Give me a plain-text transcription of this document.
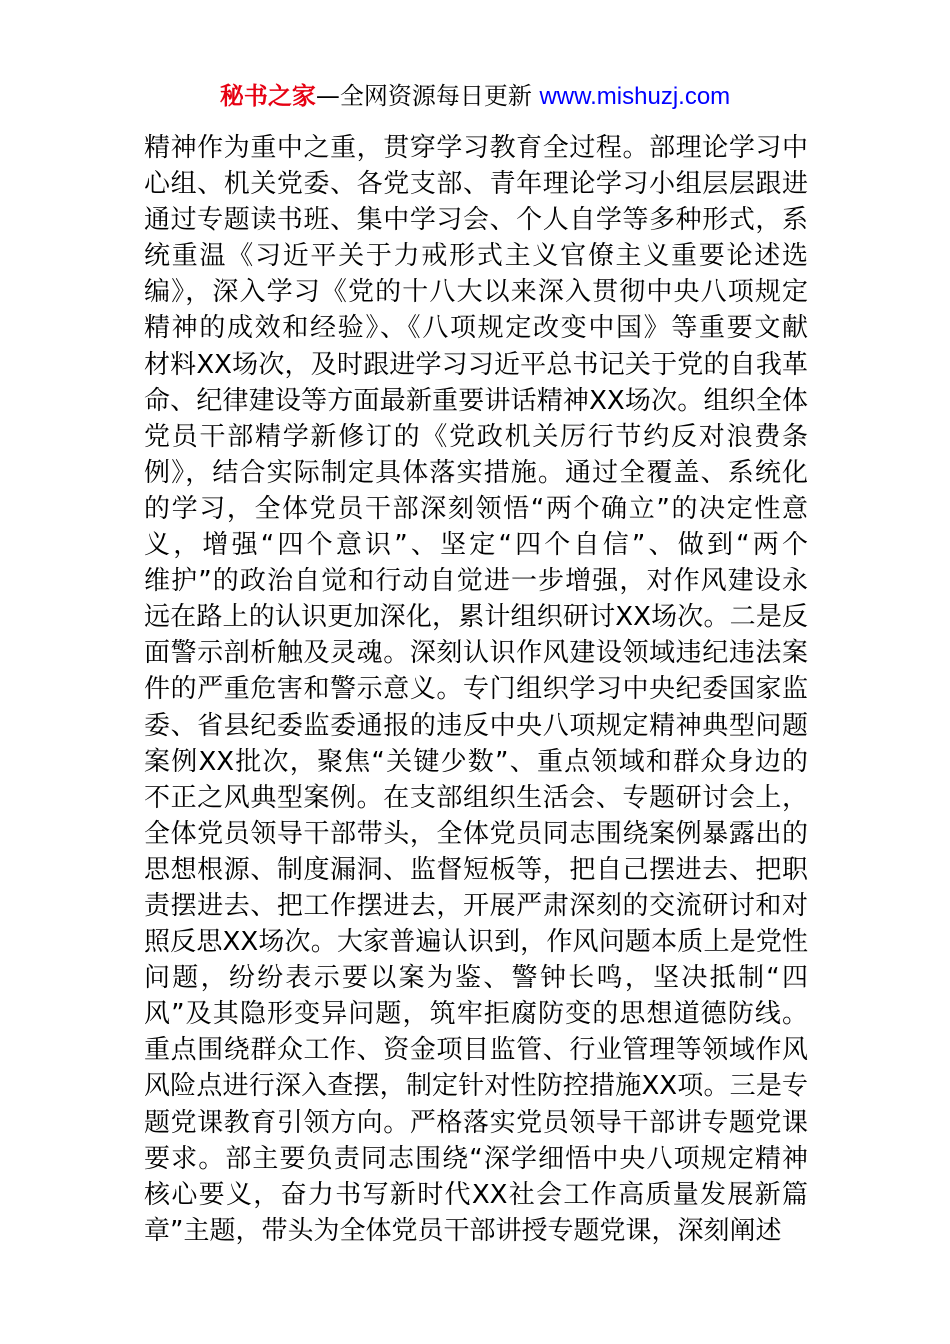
秘书之家—全网资源每日更新 www.mishuzj.com
精神作为重中之重，贯穿学习教育全过程。部理论学习中
心组、机关党委、各党支部、青年理论学习小组层层跟进
通过专题读书班、集中学习会、个人自学等多种形式，系
统重温《习近平关于力戒形式主义官僚主义重要论述选
编》，深入学习《党的十八大以来深入贯彻中央八项规定
精神的成效和经验》、《八项规定改变中国》等重要文献
材料XX场次，及时跟进学习习近平总书记关于党的自我革
命、纪律建设等方面最新重要讲话精神XX场次。组织全体
党员干部精学新修订的《党政机关厉行节约反对浪费条
例》，结合实际制定具体落实措施。通过全覆盖、系统化
的学习，全体党员干部深刻领悟“两个确立”的决定性意
义，增强“四个意识”、坚定“四个自信”、做到“两个
维护”的政治自觉和行动自觉进一步增强，对作风建设永
远在路上的认识更加深化，累计组织研讨XX场次。二是反
面警示剖析触及灵魂。深刻认识作风建设领域违纪违法案
件的严重危害和警示意义。专门组织学习中央纪委国家监
委、省县纪委监委通报的违反中央八项规定精神典型问题
案例XX批次，聚焦“关键少数”、重点领域和群众身边的
不正之风典型案例。在支部组织生活会、专题研讨会上，
全体党员领导干部带头，全体党员同志围绕案例暴露出的
思想根源、制度漏洞、监督短板等，把自己摆进去、把职
责摆进去、把工作摆进去，开展严肃深刻的交流研讨和对
照反思XX场次。大家普遍认识到，作风问题本质上是党性
问题，纷纷表示要以案为鉴、警钟长鸣，坚决抵制“四
风”及其隐形变异问题，筑牢拒腐防变的思想道德防线。
重点围绕群众工作、资金项目监管、行业管理等领域作风
风险点进行深入查摆，制定针对性防控措施XX项。三是专
题党课教育引领方向。严格落实党员领导干部讲专题党课
要求。部主要负责同志围绕“深学细悟中央八项规定精神
核心要义，奋力书写新时代XX社会工作高质量发展新篇
章”主题，带头为全体党员干部讲授专题党课，深刻阐述
